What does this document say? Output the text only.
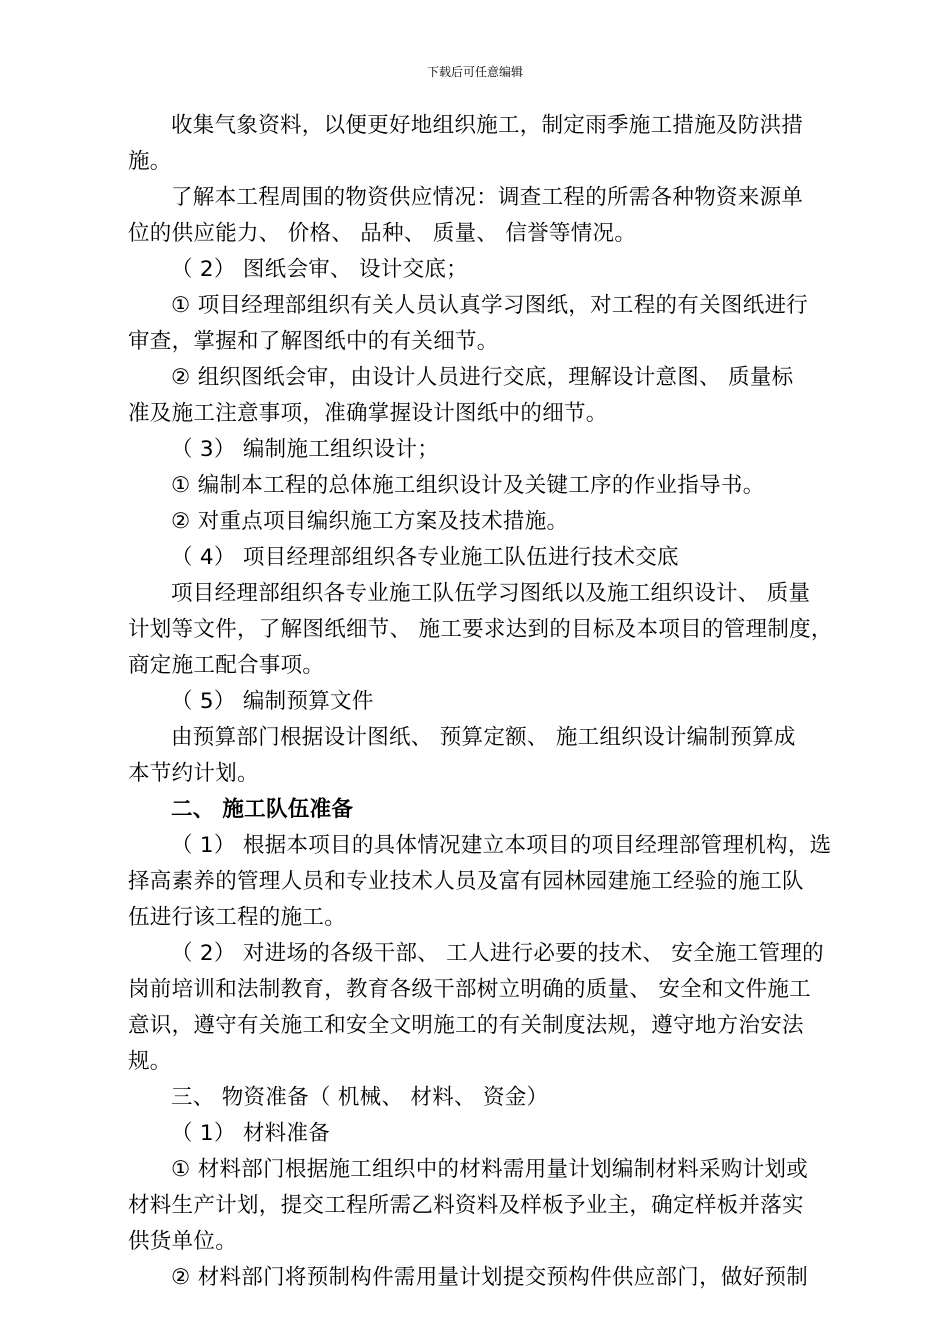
下载后可任意编辑
收集气象资料，以便更好地组织施工，制定雨季施工措施及防洪措
施。
了解本工程周围的物资供应情况：调查工程的所需各种物资来源单
位的供应能力、 价格、 品种、 质量、 信誉等情况。
（ 2） 图纸会审、 设计交底；
① 项目经理部组织有关人员认真学习图纸，对工程的有关图纸进行
审查，掌握和了解图纸中的有关细节。
② 组织图纸会审，由设计人员进行交底，理解设计意图、 质量标
准及施工注意事项，准确掌握设计图纸中的细节。
（ 3） 编制施工组织设计；
① 编制本工程的总体施工组织设计及关键工序的作业指导书。
② 对重点项目编织施工方案及技术措施。
（ 4） 项目经理部组织各专业施工队伍进行技术交底
项目经理部组织各专业施工队伍学习图纸以及施工组织设计、 质量
计划等文件，了解图纸细节、 施工要求达到的目标及本项目的管理制度，
商定施工配合事项。
（ 5） 编制预算文件
由预算部门根据设计图纸、 预算定额、 施工组织设计编制预算成
本节约计划。
二、 施工队伍准备
（ 1） 根据本项目的具体情况建立本项目的项目经理部管理机构，选
择高素养的管理人员和专业技术人员及富有园林园建施工经验的施工队
伍进行该工程的施工。
（ 2） 对进场的各级干部、 工人进行必要的技术、 安全施工管理的
岗前培训和法制教育，教育各级干部树立明确的质量、 安全和文件施工
意识，遵守有关施工和安全文明施工的有关制度法规，遵守地方治安法
规。
三、 物资准备（ 机械、 材料、 资金）
（ 1） 材料准备
① 材料部门根据施工组织中的材料需用量计划编制材料采购计划或
材料生产计划，提交工程所需乙料资料及样板予业主，确定样板并落实
供货单位。
② 材料部门将预制构件需用量计划提交预构件供应部门，做好预制
